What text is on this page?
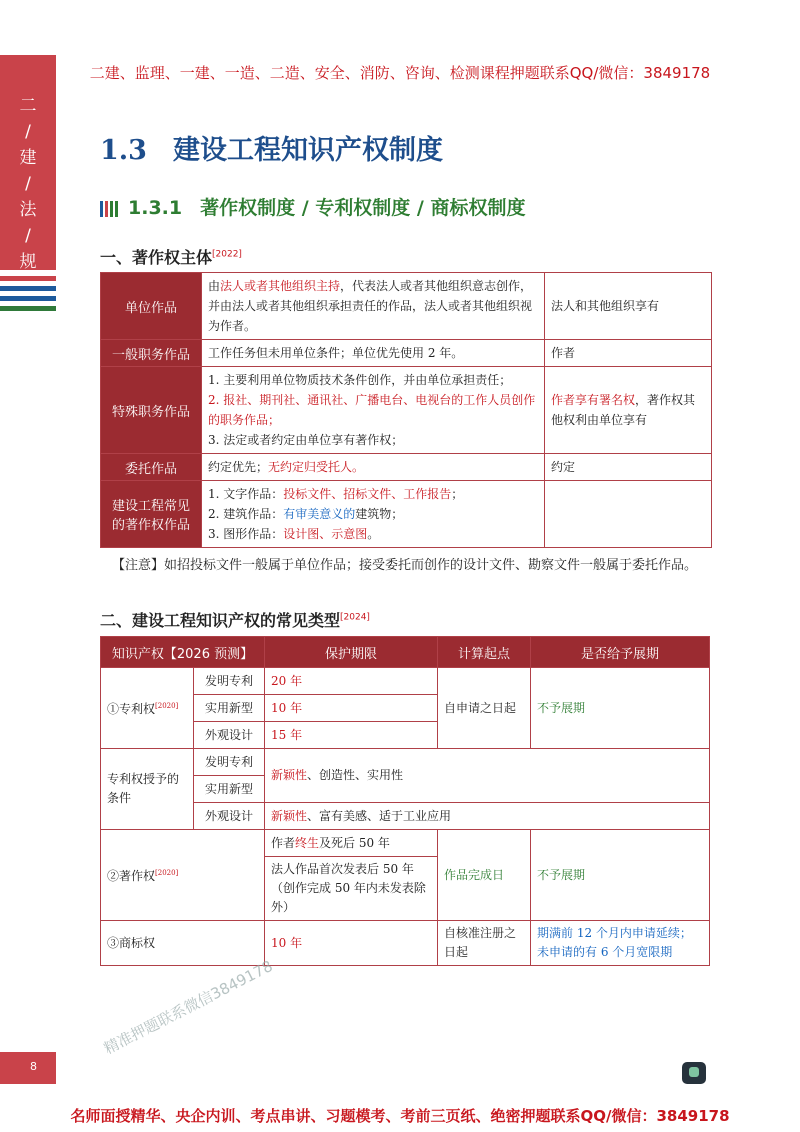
二
/
建
/
法
/
规
二建、监理、一建、一造、二造、安全、消防、咨询、检测课程押题联系QQ/微信：3849178
1.3 建设工程知识产权制度
1.3.1 著作权制度 / 专利权制度 / 商标权制度
一、著作权主体[2022]
单位作品	由法人或者其他组织主持，代表法人或者其他组织意志创作，并由法人或者其他组织承担责任的作品，法人或者其他组织视为作者。	法人和其他组织享有
一般职务作品	工作任务但未用单位条件；单位优先使用 2 年。	作者
特殊职务作品	1. 主要利用单位物质技术条件创作，并由单位承担责任；
2. 报社、期刊社、通讯社、广播电台、电视台的工作人员创作的职务作品；
3. 法定或者约定由单位享有著作权；	作者享有署名权，著作权其他权利由单位享有
委托作品	约定优先；无约定归受托人。	约定
建设工程常见的著作权作品	1. 文字作品：投标文件、招标文件、工作报告；
2. 建筑作品：有审美意义的建筑物；
3. 图形作品：设计图、示意图。	

【注意】如招投标文件一般属于单位作品；接受委托而创作的设计文件、勘察文件一般属于委托作品。
二、建设工程知识产权的常见类型[2024]
知识产权【2026 预测】		保护期限	计算起点	是否给予展期
①专利权[2020]	发明专利	20 年	自申请之日起	不予展期
	实用新型	10 年		
	外观设计	15 年		
专利权授予的条件	发明专利	新颖性、创造性、实用性		
	实用新型			
	外观设计	新颖性、富有美感、适于工业应用		
②著作权[2020]		作者终生及死后 50 年	作品完成日	不予展期
		法人作品首次发表后 50 年（创作完成 50 年内未发表除外）		
③商标权		10 年	自核准注册之日起	期满前 12 个月内申请延续；
未申请的有 6 个月宽限期
精准押题联系微信3849178
8
名师面授精华、央企内训、考点串讲、习题模考、考前三页纸、绝密押题联系QQ/微信：3849178
